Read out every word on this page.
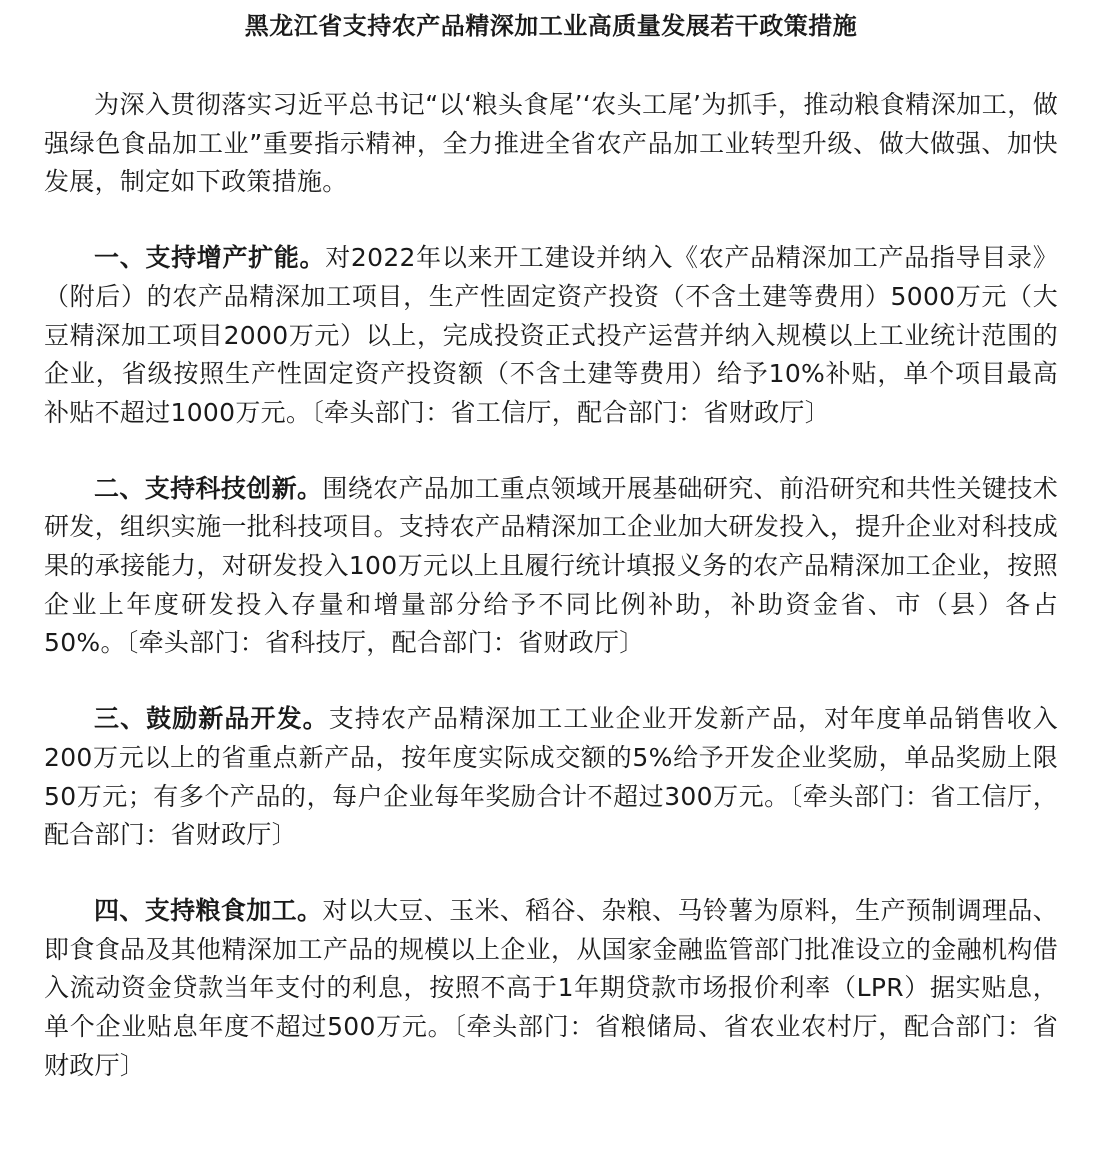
黑龙江省支持农产品精深加工业高质量发展若干政策措施

为深入贯彻落实习近平总书记“以‘粮头食尾’‘农头工尾’为抓手，推动粮食精深加工，做强绿色食品加工业”重要指示精神，全力推进全省农产品加工业转型升级、做大做强、加快发展，制定如下政策措施。

一、支持增产扩能。对2022年以来开工建设并纳入《农产品精深加工产品指导目录》（附后）的农产品精深加工项目，生产性固定资产投资（不含土建等费用）5000万元（大豆精深加工项目2000万元）以上，完成投资正式投产运营并纳入规模以上工业统计范围的企业，省级按照生产性固定资产投资额（不含土建等费用）给予10%补贴，单个项目最高补贴不超过1000万元。〔牵头部门：省工信厅，配合部门：省财政厅〕

二、支持科技创新。围绕农产品加工重点领域开展基础研究、前沿研究和共性关键技术研发，组织实施一批科技项目。支持农产品精深加工企业加大研发投入，提升企业对科技成果的承接能力，对研发投入100万元以上且履行统计填报义务的农产品精深加工企业，按照企业上年度研发投入存量和增量部分给予不同比例补助，补助资金省、市（县）各占50%。〔牵头部门：省科技厅，配合部门：省财政厅〕

三、鼓励新品开发。支持农产品精深加工工业企业开发新产品，对年度单品销售收入200万元以上的省重点新产品，按年度实际成交额的5%给予开发企业奖励，单品奖励上限50万元；有多个产品的，每户企业每年奖励合计不超过300万元。〔牵头部门：省工信厅，配合部门：省财政厅〕

四、支持粮食加工。对以大豆、玉米、稻谷、杂粮、马铃薯为原料，生产预制调理品、即食食品及其他精深加工产品的规模以上企业，从国家金融监管部门批准设立的金融机构借入流动资金贷款当年支付的利息，按照不高于1年期贷款市场报价利率（LPR）据实贴息，单个企业贴息年度不超过500万元。〔牵头部门：省粮储局、省农业农村厅，配合部门：省财政厅〕
